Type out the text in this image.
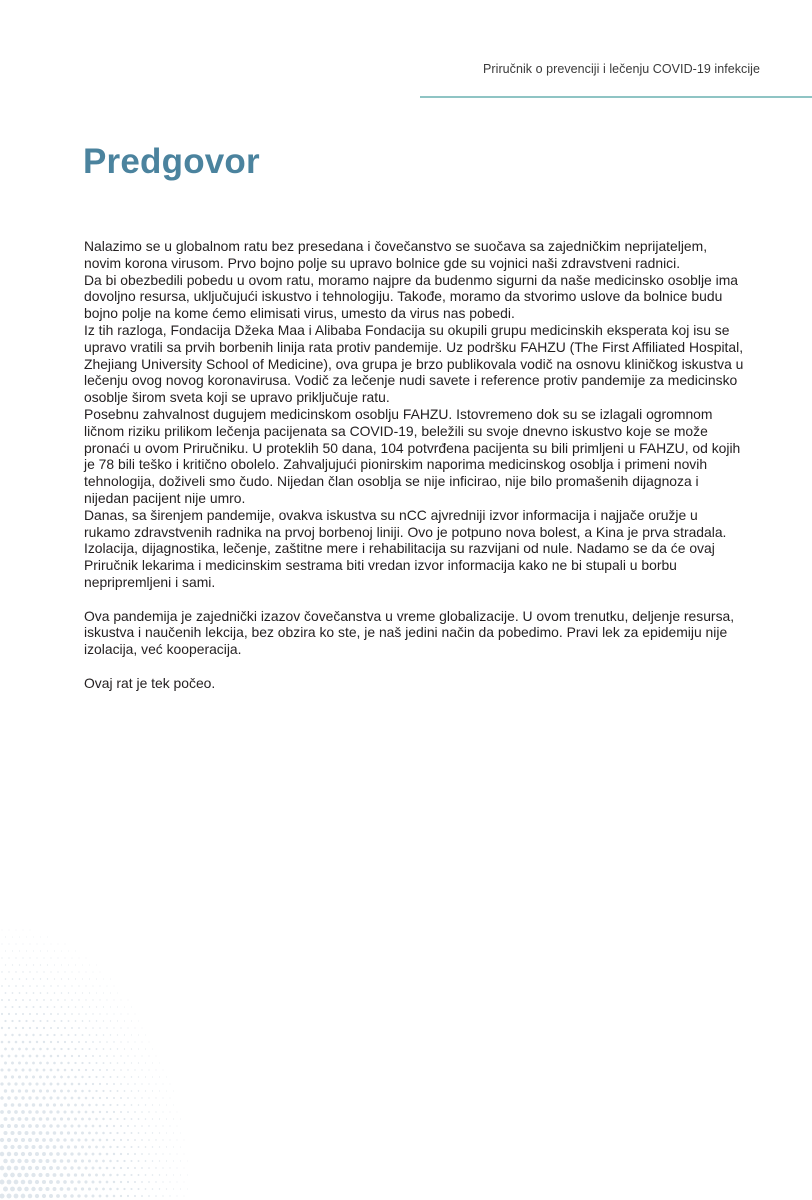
Priručnik o prevenciji i lečenju COVID-19 infekcije
Predgovor

Nalazimo se u globalnom ratu bez presedana i čovečanstvo se suočava sa zajedničkim neprijateljem, novim korona virusom. Prvo bojno polje su upravo bolnice gde su vojnici naši zdravstveni radnici.

Da bi obezbedili pobedu u ovom ratu, moramo najpre da budenmo sigurni da naše medicinsko osoblje ima dovoljno resursa, uključujući iskustvo i tehnologiju. Takođe, moramo da stvorimo uslove da bolnice budu bojno polje na kome ćemo elimisati virus, umesto da virus nas pobedi.

Iz tih razloga, Fondacija Džeka Maa i Alibaba Fondacija su okupili grupu medicinskih eksperata koj isu se upravo vratili sa prvih borbenih linija rata protiv pandemije. Uz podršku FAHZU (The First Affiliated Hospital, Zhejiang University School of Medicine), ova grupa je brzo publikovala vodič na osnovu kliničkog iskustva u lečenju ovog novog koronavirusa. Vodič za lečenje nudi savete i reference protiv pandemije za medicinsko osoblje širom sveta koji se upravo priključuje ratu.

Posebnu zahvalnost dugujem medicinskom osoblju FAHZU. Istovremeno dok su se izlagali ogromnom ličnom riziku prilikom lečenja pacijenata sa COVID-19, beležili su svoje dnevno iskustvo koje se može pronaći u ovom Priručniku. U proteklih 50 dana, 104 potvrđena pacijenta su bili primljeni u FAHZU, od kojih je 78 bili teško i kritično obolelo. Zahvaljujući pionirskim naporima medicinskog osoblja i primeni novih tehnologija, doživeli smo čudo. Nijedan član osoblja se nije inficirao, nije bilo promašenih dijagnoza i nijedan pacijent nije umro.

Danas, sa širenjem pandemije, ovakva iskustva su nCC ajvredniji izvor informacija i najjače oružje u rukamo zdravstvenih radnika na prvoj borbenoj liniji. Ovo je potpuno nova bolest, a Kina je prva stradala. Izolacija, dijagnostika, lečenje, zaštitne mere i rehabilitacija su razvijani od nule. Nadamo se da će ovaj Priručnik lekarima i medicinskim sestrama biti vredan izvor informacija kako ne bi stupali u borbu nepripremljeni i sami.

Ova pandemija je zajednički izazov čovečanstva u vreme globalizacije. U ovom trenutku, deljenje resursa, iskustva i naučenih lekcija, bez obzira ko ste, je naš jedini način da pobedimo. Pravi lek za epidemiju nije izolacija, već kooperacija.

Ovaj rat je tek počeo.
